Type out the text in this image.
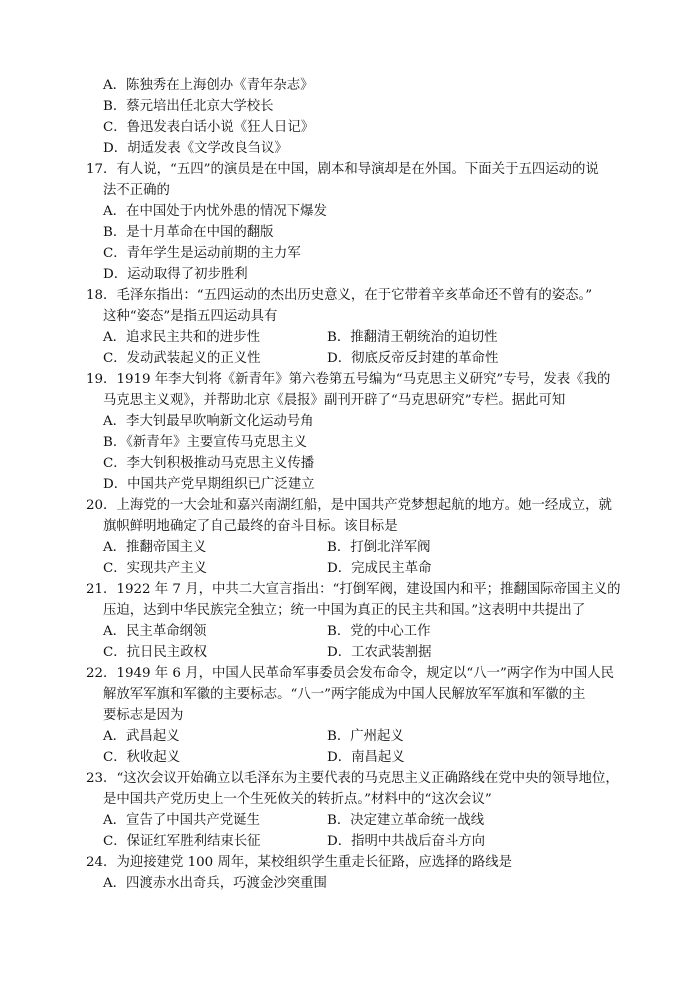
A．陈独秀在上海创办《青年杂志》
B．蔡元培出任北京大学校长
C．鲁迅发表白话小说《狂人日记》
D．胡适发表《文学改良刍议》
17．有人说，“五四”的演员是在中国，剧本和导演却是在外国。下面关于五四运动的说
法不正确的
A．在中国处于内忧外患的情况下爆发
B．是十月革命在中国的翻版
C．青年学生是运动前期的主力军
D．运动取得了初步胜利
18．毛泽东指出：“五四运动的杰出历史意义，在于它带着辛亥革命还不曾有的姿态。”
这种“姿态”是指五四运动具有
A．追求民主共和的进步性	B．推翻清王朝统治的迫切性
C．发动武装起义的正义性	D．彻底反帝反封建的革命性
19．1919 年李大钊将《新青年》第六卷第五号编为“马克思主义研究”专号，发表《我的
马克思主义观》，并帮助北京《晨报》副刊开辟了“马克思研究”专栏。据此可知
A．李大钊最早吹响新文化运动号角
B．《新青年》主要宣传马克思主义
C．李大钊积极推动马克思主义传播
D．中国共产党早期组织已广泛建立
20．上海党的一大会址和嘉兴南湖红船，是中国共产党梦想起航的地方。她一经成立，就
旗帜鲜明地确定了自己最终的奋斗目标。该目标是
A．推翻帝国主义	B．打倒北洋军阀
C．实现共产主义	D．完成民主革命
21．1922 年 7 月，中共二大宣言指出：“打倒军阀，建设国内和平；推翻国际帝国主义的
压迫，达到中华民族完全独立；统一中国为真正的民主共和国。”这表明中共提出了
A．民主革命纲领	B．党的中心工作
C．抗日民主政权	D．工农武装割据
22．1949 年 6 月，中国人民革命军事委员会发布命令，规定以“八一”两字作为中国人民
解放军军旗和军徽的主要标志。“八一”两字能成为中国人民解放军军旗和军徽的主
要标志是因为
A．武昌起义	B．广州起义
C．秋收起义	D．南昌起义
23．“这次会议开始确立以毛泽东为主要代表的马克思主义正确路线在党中央的领导地位，
是中国共产党历史上一个生死攸关的转折点。”材料中的“这次会议”
A．宣告了中国共产党诞生	B．决定建立革命统一战线
C．保证红军胜利结束长征	D．指明中共战后奋斗方向
24．为迎接建党 100 周年，某校组织学生重走长征路，应选择的路线是
A．四渡赤水出奇兵，巧渡金沙突重围
